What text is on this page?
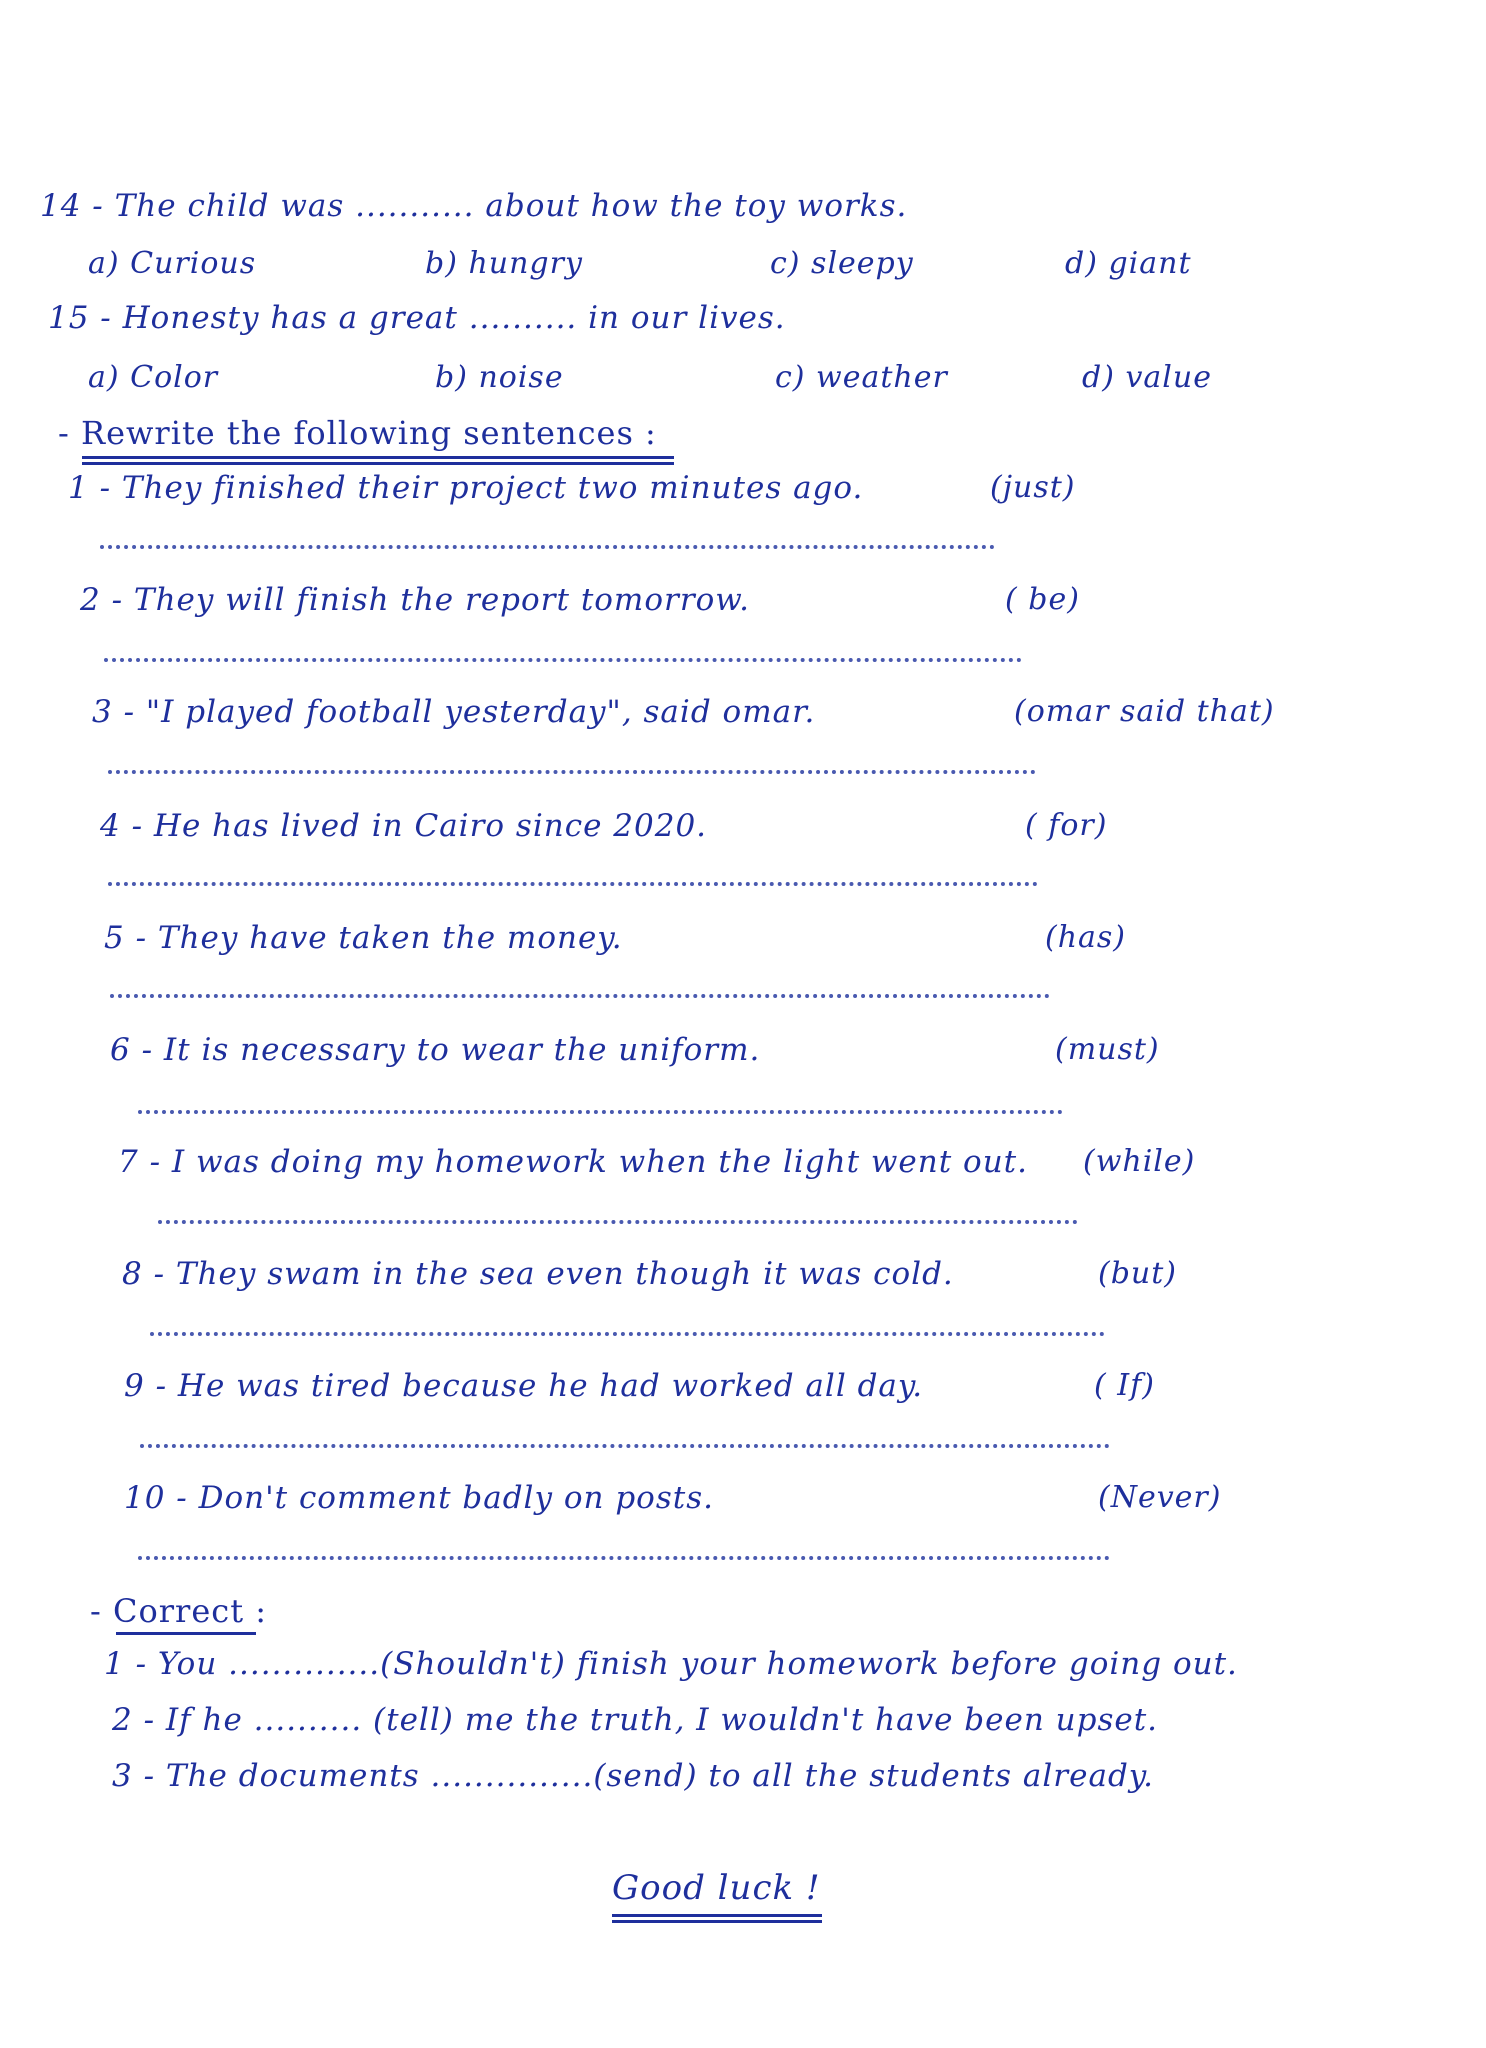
14 - The child was ........... about how the toy works.
a) Curious	b) hungry	c) sleepy	d) giant
15 - Honesty has a great .......... in our lives.
a) Color	b) noise	c) weather	d) value
- Rewrite the following sentences :
1 - They finished their project two minutes ago.	(just)
2 - They will finish the report tomorrow.	( be)
3 - "I played football yesterday", said omar.	(omar said that)
4 - He has lived in Cairo since 2020.	( for)
5 - They have taken the money.	(has)
6 - It is necessary to wear the uniform.	(must)
7 - I was doing my homework when the light went out. (while)
8 - They swam in the sea even though it was cold.	(but)
9 - He was tired because he had worked all day.	( If)
10 - Don't comment badly on posts.	(Never)
- Correct :
1 - You ..............(Shouldn't) finish your homework before going out.
2 - If he .......... (tell) me the truth, I wouldn't have been upset.
3 - The documents ...............(send) to all the students already.
Good luck !
